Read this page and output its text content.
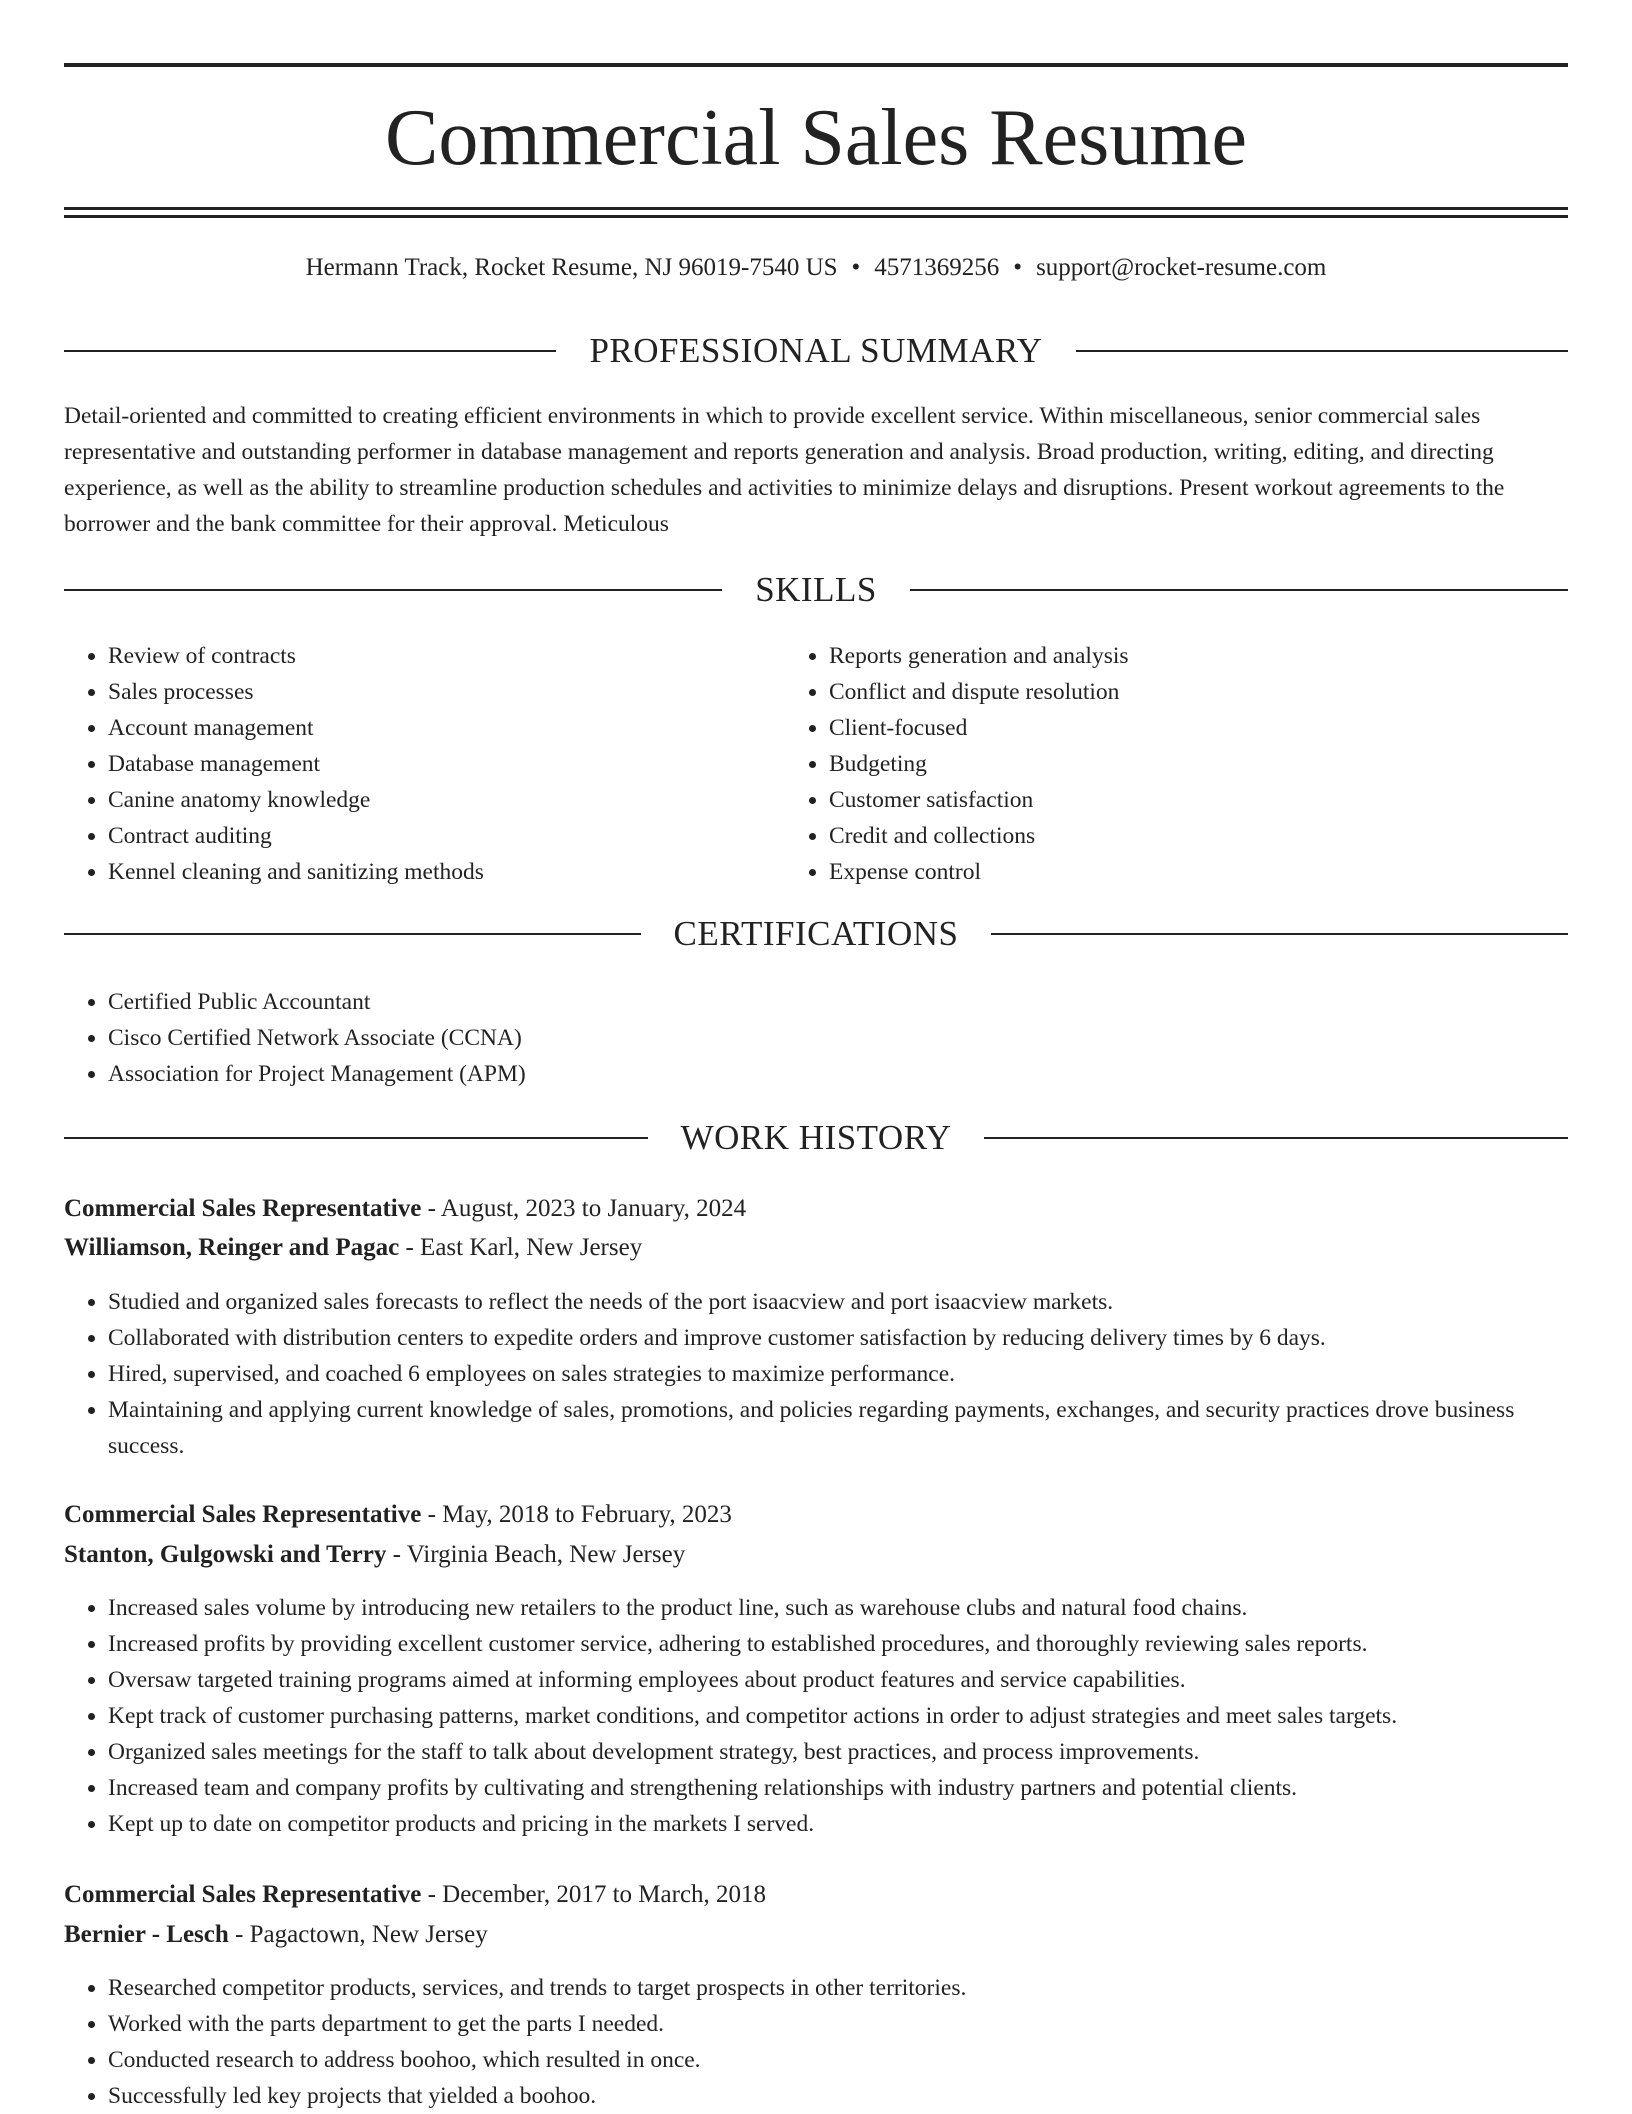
Commercial Sales Resume
Hermann Track, Rocket Resume, NJ 96019-7540 US • 4571369256 • support@rocket-resume.com
PROFESSIONAL SUMMARY

Detail-oriented and committed to creating efficient environments in which to provide excellent service. Within miscellaneous, senior commercial sales representative and outstanding performer in database management and reports generation and analysis. Broad production, writing, editing, and directing experience, as well as the ability to streamline production schedules and activities to minimize delays and disruptions. Present workout agreements to the borrower and the bank committee for their approval. Meticulous

SKILLS
• Review of contracts
• Sales processes
• Account management
• Database management
• Canine anatomy knowledge
• Contract auditing
• Kennel cleaning and sanitizing methods
• Reports generation and analysis
• Conflict and dispute resolution
• Client-focused
• Budgeting
• Customer satisfaction
• Credit and collections
• Expense control
CERTIFICATIONS
• Certified Public Accountant
• Cisco Certified Network Associate (CCNA)
• Association for Project Management (APM)
WORK HISTORY
Commercial Sales Representative - August, 2023 to January, 2024
Williamson, Reinger and Pagac - East Karl, New Jersey
• Studied and organized sales forecasts to reflect the needs of the port isaacview and port isaacview markets.
• Collaborated with distribution centers to expedite orders and improve customer satisfaction by reducing delivery times by 6 days.
• Hired, supervised, and coached 6 employees on sales strategies to maximize performance.
• Maintaining and applying current knowledge of sales, promotions, and policies regarding payments, exchanges, and security practices drove business success.
Commercial Sales Representative - May, 2018 to February, 2023
Stanton, Gulgowski and Terry - Virginia Beach, New Jersey
• Increased sales volume by introducing new retailers to the product line, such as warehouse clubs and natural food chains.
• Increased profits by providing excellent customer service, adhering to established procedures, and thoroughly reviewing sales reports.
• Oversaw targeted training programs aimed at informing employees about product features and service capabilities.
• Kept track of customer purchasing patterns, market conditions, and competitor actions in order to adjust strategies and meet sales targets.
• Organized sales meetings for the staff to talk about development strategy, best practices, and process improvements.
• Increased team and company profits by cultivating and strengthening relationships with industry partners and potential clients.
• Kept up to date on competitor products and pricing in the markets I served.
Commercial Sales Representative - December, 2017 to March, 2018
Bernier - Lesch - Pagactown, New Jersey
• Researched competitor products, services, and trends to target prospects in other territories.
• Worked with the parts department to get the parts I needed.
• Conducted research to address boohoo, which resulted in once.
• Successfully led key projects that yielded a boohoo.
